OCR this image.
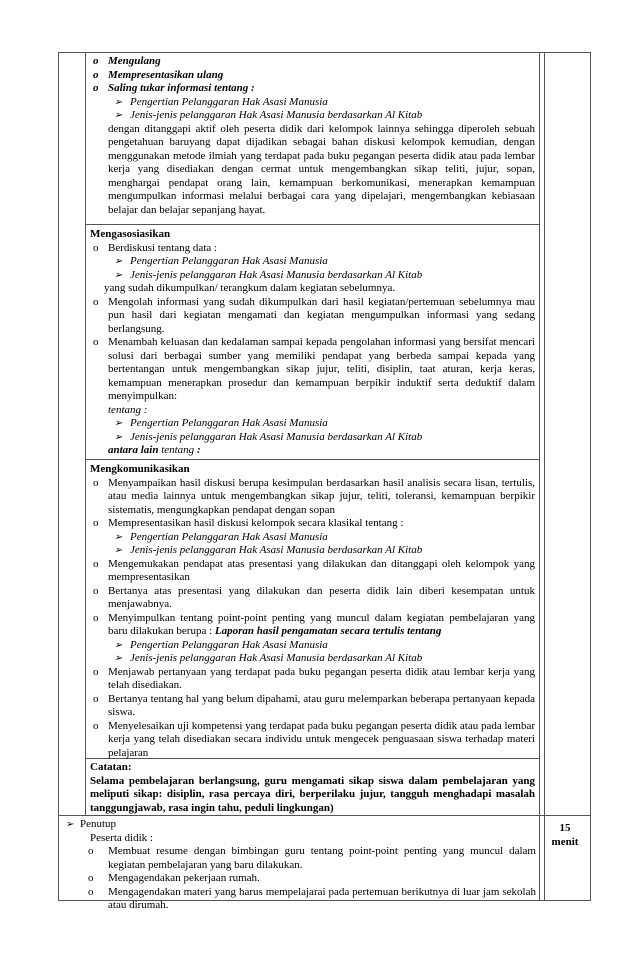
o Mengulang
o Mempresentasikan ulang
o Saling tukar informasi tentang :
➢ Pengertian Pelanggaran Hak Asasi Manusia
➢ Jenis-jenis pelanggaran Hak Asasi Manusia berdasarkan Al Kitab
dengan ditanggapi aktif oleh peserta didik dari kelompok lainnya sehingga diperoleh sebuah pengetahuan baruyang dapat dijadikan sebagai bahan diskusi kelompok kemudian, dengan menggunakan metode ilmiah yang terdapat pada buku pegangan peserta didik atau pada lembar kerja yang disediakan dengan cermat untuk mengembangkan sikap teliti, jujur, sopan, menghargai pendapat orang lain, kemampuan berkomunikasi, menerapkan kemampuan mengumpulkan informasi melalui berbagai cara yang dipelajari, mengembangkan kebiasaan belajar dan belajar sepanjang hayat.
Mengasosiasikan
o Berdiskusi tentang data :
➢ Pengertian Pelanggaran Hak Asasi Manusia
➢ Jenis-jenis pelanggaran Hak Asasi Manusia berdasarkan Al Kitab
yang sudah dikumpulkan/ terangkum dalam kegiatan sebelumnya.
o Mengolah informasi yang sudah dikumpulkan dari hasil kegiatan/pertemuan sebelumnya mau pun hasil dari kegiatan mengamati dan kegiatan mengumpulkan informasi yang sedang berlangsung.
o Menambah keluasan dan kedalaman sampai kepada pengolahan informasi yang bersifat mencari solusi dari berbagai sumber yang memiliki pendapat yang berbeda sampai kepada yang bertentangan untuk mengembangkan sikap jujur, teliti, disiplin, taat aturan, kerja keras, kemampuan menerapkan prosedur dan kemampuan berpikir induktif serta deduktif dalam menyimpulkan:
tentang :
➢ Pengertian Pelanggaran Hak Asasi Manusia
➢ Jenis-jenis pelanggaran Hak Asasi Manusia berdasarkan Al Kitab
antara lain tentang :
Mengkomunikasikan
o Menyampaikan hasil diskusi berupa kesimpulan berdasarkan hasil analisis secara lisan, tertulis, atau media lainnya untuk mengembangkan sikap jujur, teliti, toleransi, kemampuan berpikir sistematis, mengungkapkan pendapat dengan sopan
o Mempresentasikan hasil diskusi kelompok secara klasikal tentang :
➢ Pengertian Pelanggaran Hak Asasi Manusia
➢ Jenis-jenis pelanggaran Hak Asasi Manusia berdasarkan Al Kitab
o Mengemukakan pendapat atas presentasi yang dilakukan dan ditanggapi oleh kelompok yang mempresentasikan
o Bertanya atas presentasi yang dilakukan dan peserta didik lain diberi kesempatan untuk menjawabnya.
o Menyimpulkan tentang point-point penting yang muncul dalam kegiatan pembelajaran yang baru dilakukan berupa : Laporan hasil pengamatan secara tertulis tentang
➢ Pengertian Pelanggaran Hak Asasi Manusia
➢ Jenis-jenis pelanggaran Hak Asasi Manusia berdasarkan Al Kitab
o Menjawab pertanyaan yang terdapat pada buku pegangan peserta didik atau lembar kerja yang telah disediakan.
o Bertanya tentang hal yang belum dipahami, atau guru melemparkan beberapa pertanyaan kepada siswa.
o Menyelesaikan uji kompetensi yang terdapat pada buku pegangan peserta didik atau pada lembar kerja yang telah disediakan secara individu untuk mengecek penguasaan siswa terhadap materi pelajaran
Catatan:
Selama pembelajaran berlangsung, guru mengamati sikap siswa dalam pembelajaran yang meliputi sikap: disiplin, rasa percaya diri, berperilaku jujur, tangguh menghadapi masalah tanggungjawab, rasa ingin tahu, peduli lingkungan)
➢ Penutup
Peserta didik :
o Membuat resume dengan bimbingan guru tentang point-point penting yang muncul dalam kegiatan pembelajaran yang baru dilakukan.
o Mengagendakan pekerjaan rumah.
o Mengagendakan materi yang harus mempelajarai pada pertemuan berikutnya di luar jam sekolah atau dirumah.
15
menit
